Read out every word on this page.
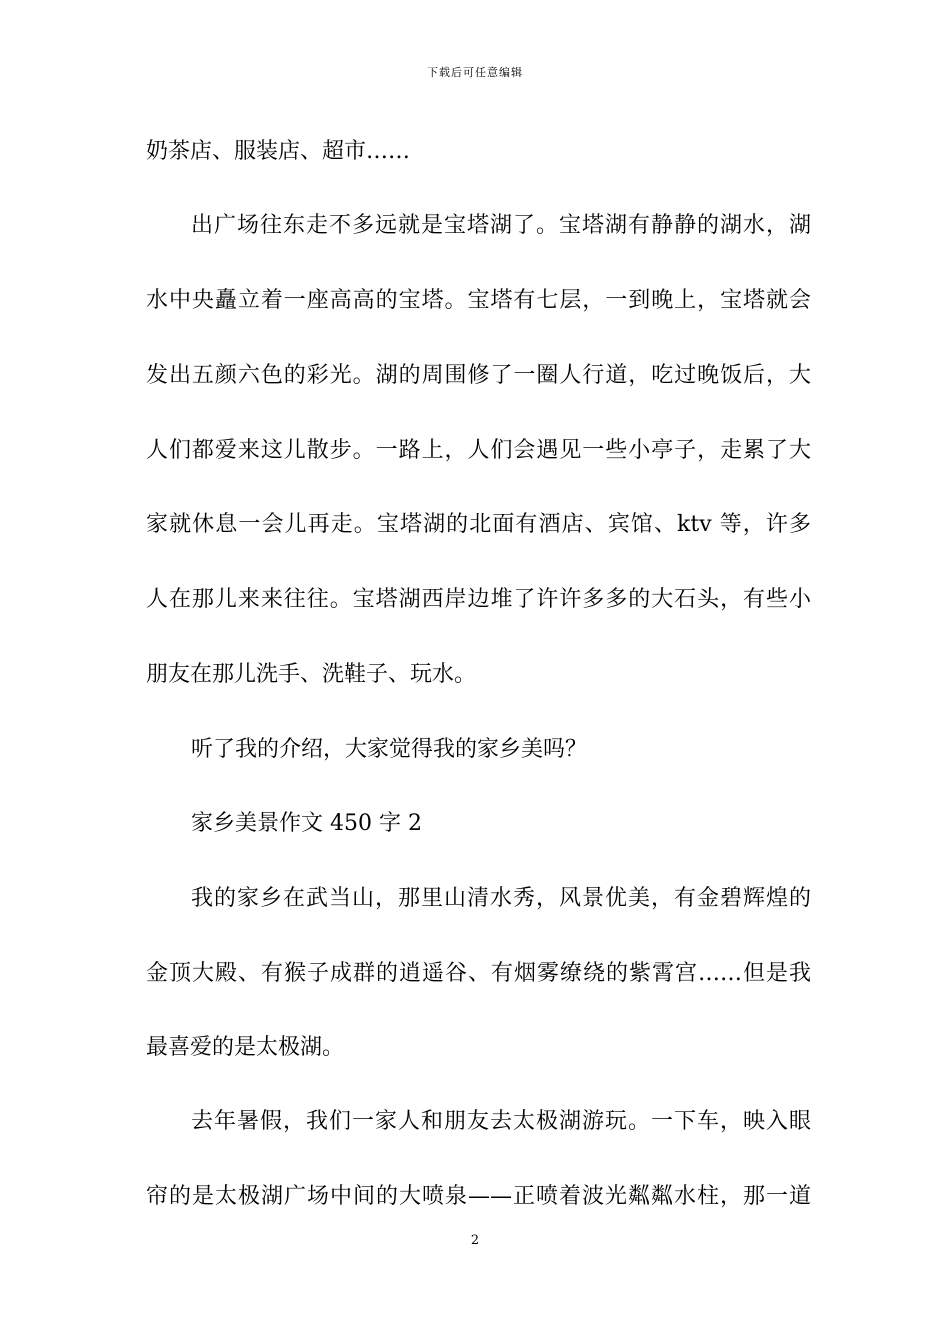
下载后可任意编辑
奶茶店、服装店、超市……
出广场往东走不多远就是宝塔湖了。宝塔湖有静静的湖水，湖
水中央矗立着一座高高的宝塔。宝塔有七层，一到晚上，宝塔就会
发出五颜六色的彩光。湖的周围修了一圈人行道，吃过晚饭后，大
人们都爱来这儿散步。一路上，人们会遇见一些小亭子，走累了大
家就休息一会儿再走。宝塔湖的北面有酒店、宾馆、ktv 等，许多
人在那儿来来往往。宝塔湖西岸边堆了许许多多的大石头，有些小
朋友在那儿洗手、洗鞋子、玩水。
听了我的介绍，大家觉得我的家乡美吗？
家乡美景作文 450 字 2
我的家乡在武当山，那里山清水秀，风景优美，有金碧辉煌的
金顶大殿、有猴子成群的逍遥谷、有烟雾缭绕的紫霄宫……但是我
最喜爱的是太极湖。
去年暑假，我们一家人和朋友去太极湖游玩。一下车，映入眼
帘的是太极湖广场中间的大喷泉——正喷着波光粼粼水柱，那一道
2
